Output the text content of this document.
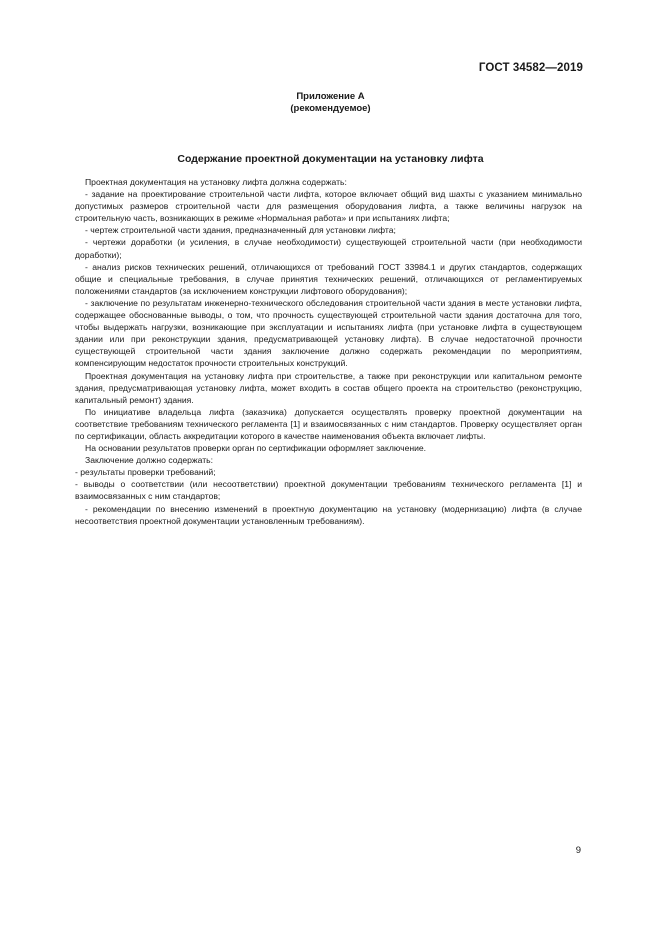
ГОСТ 34582—2019
Приложение А
(рекомендуемое)
Содержание проектной документации на установку лифта

Проектная документация на установку лифта должна содержать:

- задание на проектирование строительной части лифта, которое включает общий вид шахты с указанием минимально допустимых размеров строительной части для размещения оборудования лифта, а также величины нагрузок на строительную часть, возникающих в режиме «Нормальная работа» и при испытаниях лифта;

- чертеж строительной части здания, предназначенный для установки лифта;

- чертежи доработки (и усиления, в случае необходимости) существующей строительной части (при необходимости доработки);

- анализ рисков технических решений, отличающихся от требований ГОСТ 33984.1 и других стандартов, содержащих общие и специальные требования, в случае принятия технических решений, отличающихся от регламентируемых положениями стандартов (за исключением конструкции лифтового оборудования);

- заключение по результатам инженерно-технического обследования строительной части здания в месте установки лифта, содержащее обоснованные выводы, о том, что прочность существующей строительной части здания достаточна для того, чтобы выдержать нагрузки, возникающие при эксплуатации и испытаниях лифта (при установке лифта в существующем здании или при реконструкции здания, предусматривающей установку лифта). В случае недостаточной прочности существующей строительной части здания заключение должно содержать рекомендации по мероприятиям, компенсирующим недостаток прочности строительных конструкций.

Проектная документация на установку лифта при строительстве, а также при реконструкции или капитальном ремонте здания, предусматривающая установку лифта, может входить в состав общего проекта на строительство (реконструкцию, капитальный ремонт) здания.

По инициативе владельца лифта (заказчика) допускается осуществлять проверку проектной документации на соответствие требованиям технического регламента [1] и взаимосвязанных с ним стандартов. Проверку осуществляет орган по сертификации, область аккредитации которого в качестве наименования объекта включает лифты.

На основании результатов проверки орган по сертификации оформляет заключение.

Заключение должно содержать:

- результаты проверки требований;

- выводы о соответствии (или несоответствии) проектной документации требованиям технического регламента [1] и взаимосвязанных с ним стандартов;

- рекомендации по внесению изменений в проектную документацию на установку (модернизацию) лифта (в случае несоответствия проектной документации установленным требованиям).

9
